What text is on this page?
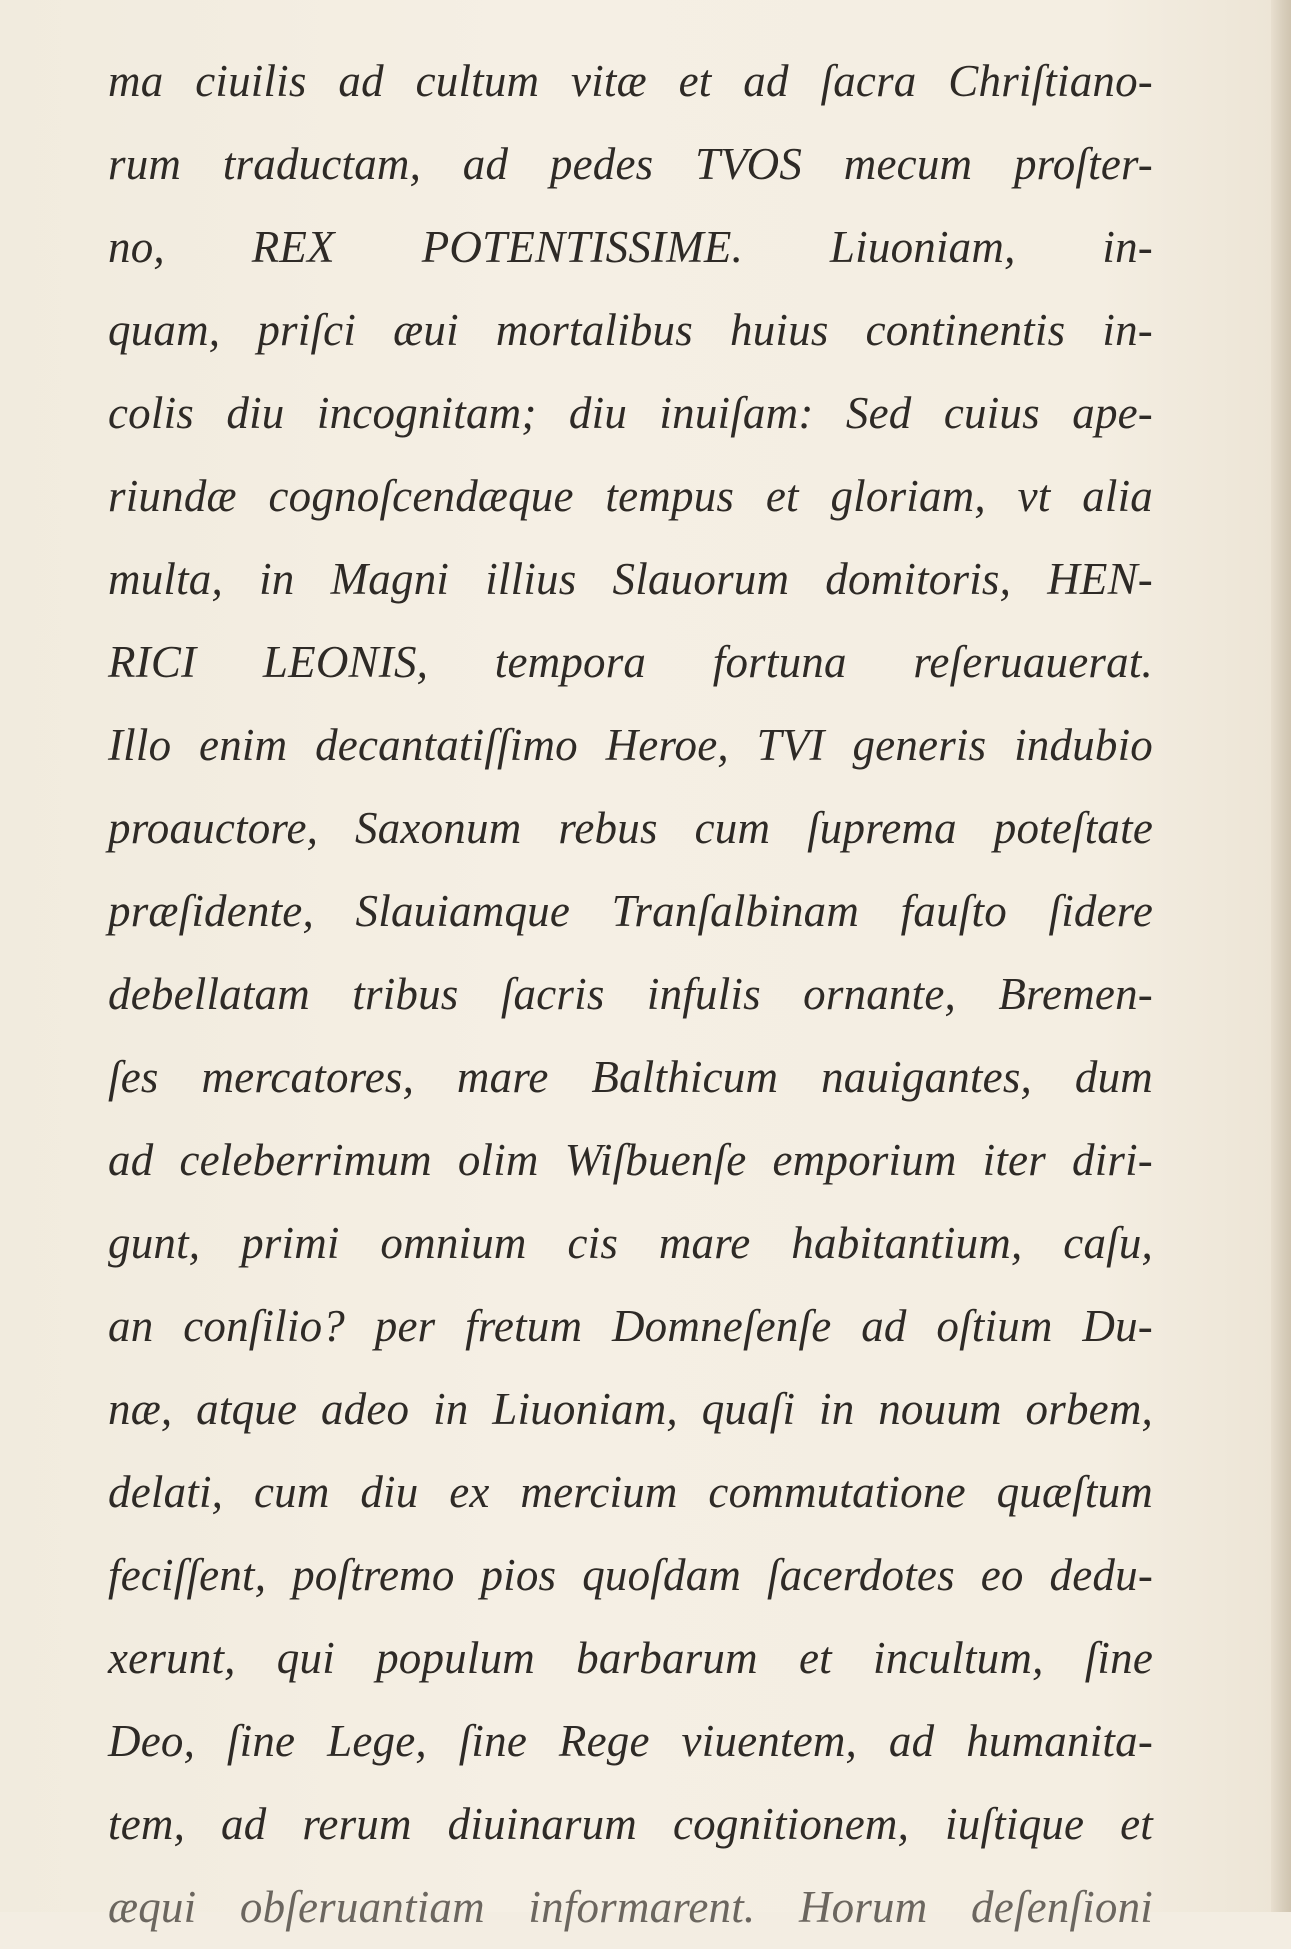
ma ciuilis ad cultum vitæ et ad ſacra Chriſtiano-
rum traductam, ad pedes TVOS mecum proſter-
no, REX POTENTISSIME. Liuoniam, in-
quam, priſci æui mortalibus huius continentis in-
colis diu incognitam; diu inuiſam: Sed cuius ape-
riundæ cognoſcendæque tempus et gloriam, vt alia
multa, in Magni illius Slauorum domitoris, HEN-
RICI LEONIS, tempora fortuna reſeruauerat.
Illo enim decantatiſſimo Heroe, TVI generis indubio
proauctore, Saxonum rebus cum ſuprema poteſtate
præſidente, Slauiamque Tranſalbinam fauſto ſidere
debellatam tribus ſacris infulis ornante, Bremen-
ſes mercatores, mare Balthicum nauigantes, dum
ad celeberrimum olim Wiſbuenſe emporium iter diri-
gunt, primi omnium cis mare habitantium, caſu,
an conſilio? per fretum Domneſenſe ad oſtium Du-
næ, atque adeo in Liuoniam, quaſi in nouum orbem,
delati, cum diu ex mercium commutatione quæſtum
feciſſent, poſtremo pios quoſdam ſacerdotes eo dedu-
xerunt, qui populum barbarum et incultum, ſine
Deo, ſine Lege, ſine Rege viuentem, ad humanita-
tem, ad rerum diuinarum cognitionem, iuſtique et
æqui obſeruantiam informarent. Horum deſenſioni
